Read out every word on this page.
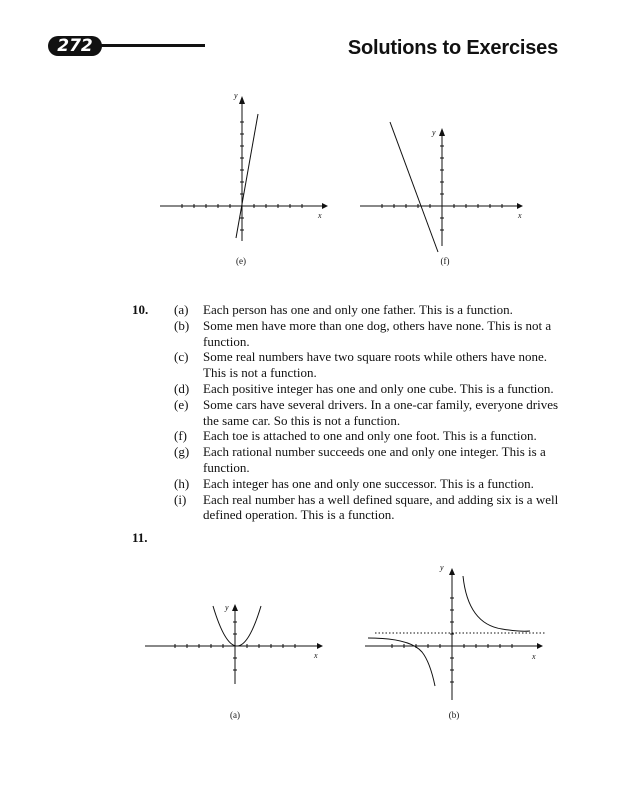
272	Solutions to Exercises
x
y
(e)
x
y
(f)
10. (a)	Each person has one and only one father. This is a function.
(b)	Some men have more than one dog, others have none. This is not a function.
(c)	Some real numbers have two square roots while others have none. This is not a function.
(d)	Each positive integer has one and only one cube. This is a function.
(e)	Some cars have several drivers. In a one-car family, everyone drives the same car. So this is not a function.
(f)	Each toe is attached to one and only one foot. This is a function.
(g)	Each rational number succeeds one and only one integer. This is a function.
(h)	Each integer has one and only one successor. This is a function.
(i)	Each real number has a well defined square, and adding six is a well defined operation. This is a function.
11.
x
y
(a)
x
y
(b)
